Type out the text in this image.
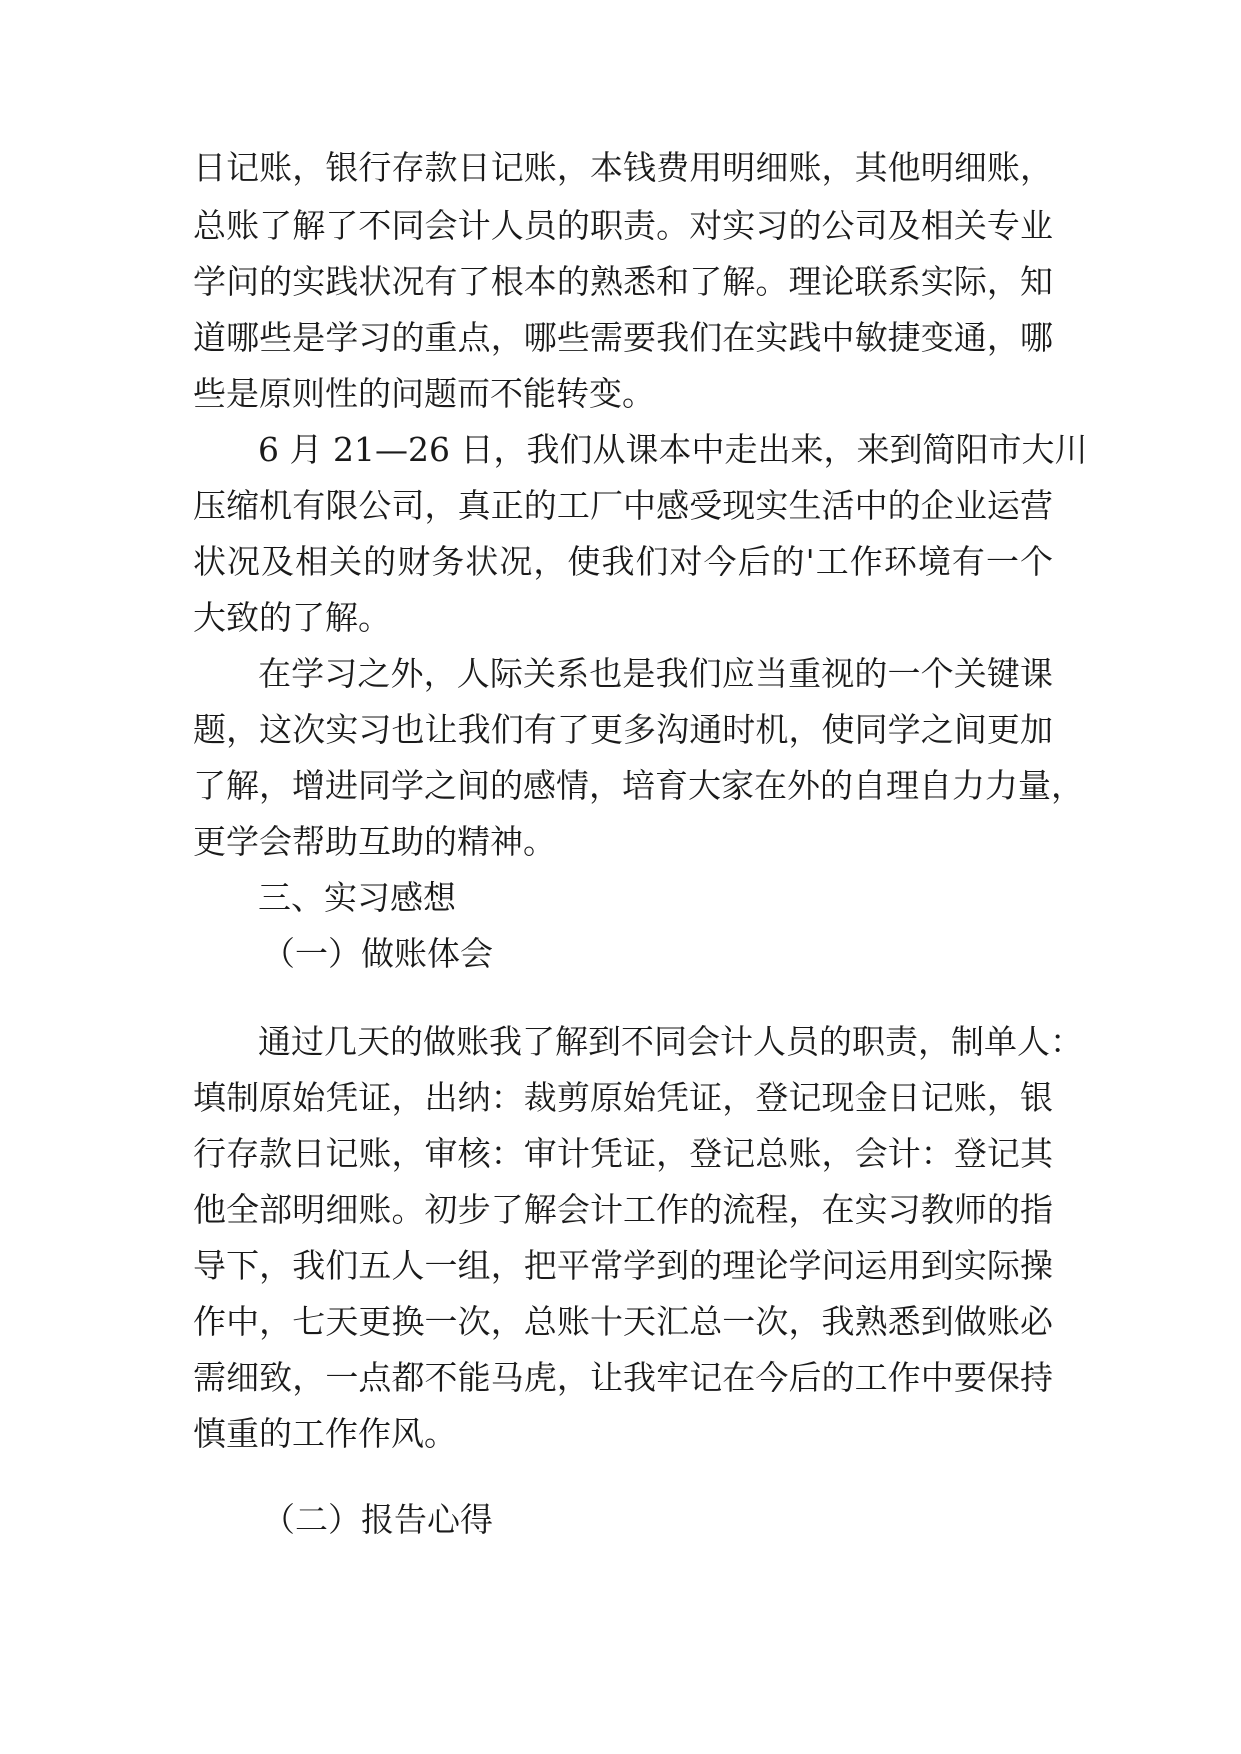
日记账，银行存款日记账，本钱费用明细账，其他明细账，
总账了解了不同会计人员的职责。对实习的公司及相关专业
学问的实践状况有了根本的熟悉和了解。理论联系实际，知
道哪些是学习的重点，哪些需要我们在实践中敏捷变通，哪
些是原则性的问题而不能转变。
6 月 21—26 日，我们从课本中走出来，来到简阳市大川
压缩机有限公司，真正的工厂中感受现实生活中的企业运营
状况及相关的财务状况，使我们对今后的'工作环境有一个
大致的了解。
在学习之外，人际关系也是我们应当重视的一个关键课
题，这次实习也让我们有了更多沟通时机，使同学之间更加
了解，增进同学之间的感情，培育大家在外的自理自力力量，
更学会帮助互助的精神。
三、实习感想
（一）做账体会
通过几天的做账我了解到不同会计人员的职责，制单人：
填制原始凭证，出纳：裁剪原始凭证，登记现金日记账，银
行存款日记账，审核：审计凭证，登记总账，会计：登记其
他全部明细账。初步了解会计工作的流程，在实习教师的指
导下，我们五人一组，把平常学到的理论学问运用到实际操
作中，七天更换一次，总账十天汇总一次，我熟悉到做账必
需细致，一点都不能马虎，让我牢记在今后的工作中要保持
慎重的工作作风。
（二）报告心得
